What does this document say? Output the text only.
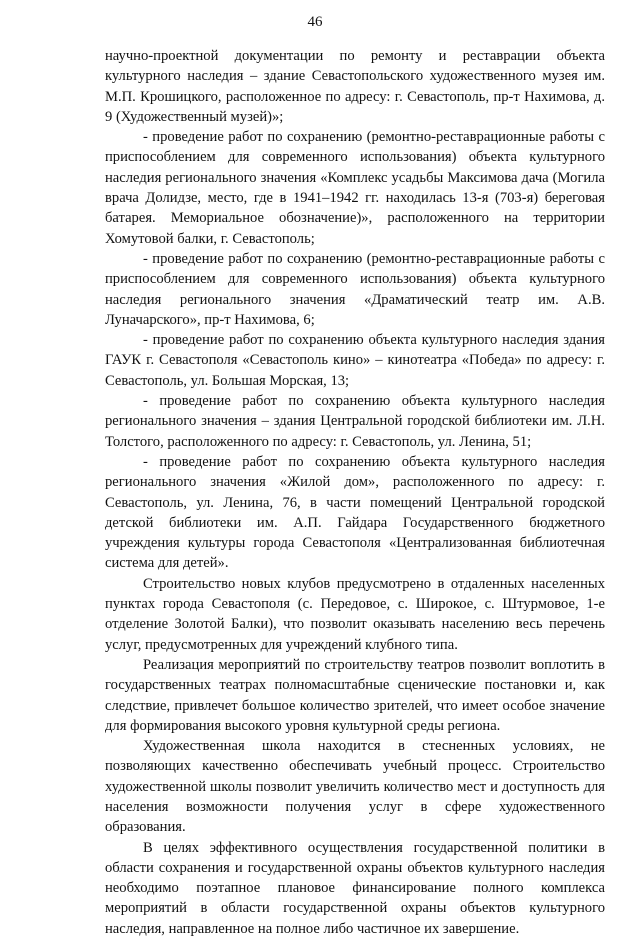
46

научно-проектной документации по ремонту и реставрации объекта культурного наследия – здание Севастопольского художественного музея им. М.П. Крошицкого, расположенное по адресу: г. Севастополь, пр-т Нахимова, д. 9 (Художественный музей)»;

- проведение работ по сохранению (ремонтно-реставрационные работы с приспособлением для современного использования) объекта культурного наследия регионального значения «Комплекс усадьбы Максимова дача (Могила врача Долидзе, место, где в 1941–1942 гг. находилась 13-я (703-я) береговая батарея. Мемориальное обозначение)», расположенного на территории Хомутовой балки, г. Севастополь;

- проведение работ по сохранению (ремонтно-реставрационные работы с приспособлением для современного использования) объекта культурного наследия регионального значения «Драматический театр им. А.В. Луначарского», пр-т Нахимова, 6;

- проведение работ по сохранению объекта культурного наследия здания ГАУК г. Севастополя «Севастополь кино» – кинотеатра «Победа» по адресу: г. Севастополь, ул. Большая Морская, 13;

- проведение работ по сохранению объекта культурного наследия регионального значения – здания Центральной городской библиотеки им. Л.Н. Толстого, расположенного по адресу: г. Севастополь, ул. Ленина, 51;

- проведение работ по сохранению объекта культурного наследия регионального значения «Жилой дом», расположенного по адресу: г. Севастополь, ул. Ленина, 76, в части помещений Центральной городской детской библиотеки им. А.П. Гайдара Государственного бюджетного учреждения культуры города Севастополя «Централизованная библиотечная система для детей».

Строительство новых клубов предусмотрено в отдаленных населенных пунктах города Севастополя (с. Передовое, с. Широкое, с. Штурмовое, 1-е отделение Золотой Балки), что позволит оказывать населению весь перечень услуг, предусмотренных для учреждений клубного типа.

Реализация мероприятий по строительству театров позволит воплотить в государственных театрах полномасштабные сценические постановки и, как следствие, привлечет большое количество зрителей, что имеет особое значение для формирования высокого уровня культурной среды региона.

Художественная школа находится в стесненных условиях, не позволяющих качественно обеспечивать учебный процесс. Строительство художественной школы позволит увеличить количество мест и доступность для населения возможности получения услуг в сфере художественного образования.

В целях эффективного осуществления государственной политики в области сохранения и государственной охраны объектов культурного наследия необходимо поэтапное плановое финансирование полного комплекса мероприятий в области государственной охраны объектов культурного наследия, направленное на полное либо частичное их завершение.
